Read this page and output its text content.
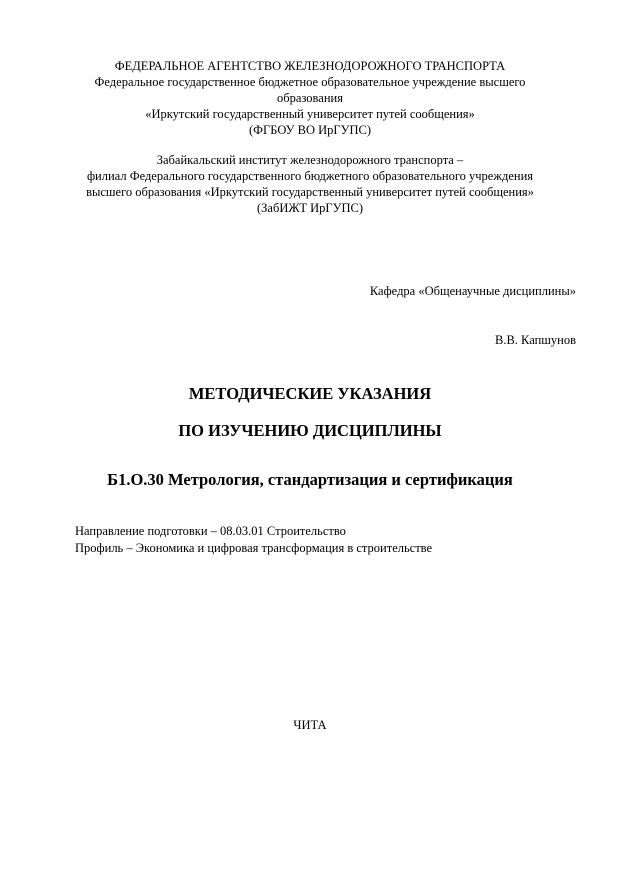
ФЕДЕРАЛЬНОЕ АГЕНТСТВО ЖЕЛЕЗНОДОРОЖНОГО ТРАНСПОРТА
Федеральное государственное бюджетное образовательное учреждение высшего
образования
«Иркутский государственный университет путей сообщения»
(ФГБОУ ВО ИрГУПС)
Забайкальский институт железнодорожного транспорта –
филиал Федерального государственного бюджетного образовательного учреждения
высшего образования «Иркутский государственный университет путей сообщения»
(ЗабИЖТ ИрГУПС)
Кафедра «Общенаучные дисциплины»
В.В. Капшунов
МЕТОДИЧЕСКИЕ УКАЗАНИЯ
ПО ИЗУЧЕНИЮ ДИСЦИПЛИНЫ
Б1.О.30 Метрология, стандартизация и сертификация
Направление подготовки – 08.03.01 Строительство
Профиль – Экономика и цифровая трансформация в строительстве
ЧИТА
